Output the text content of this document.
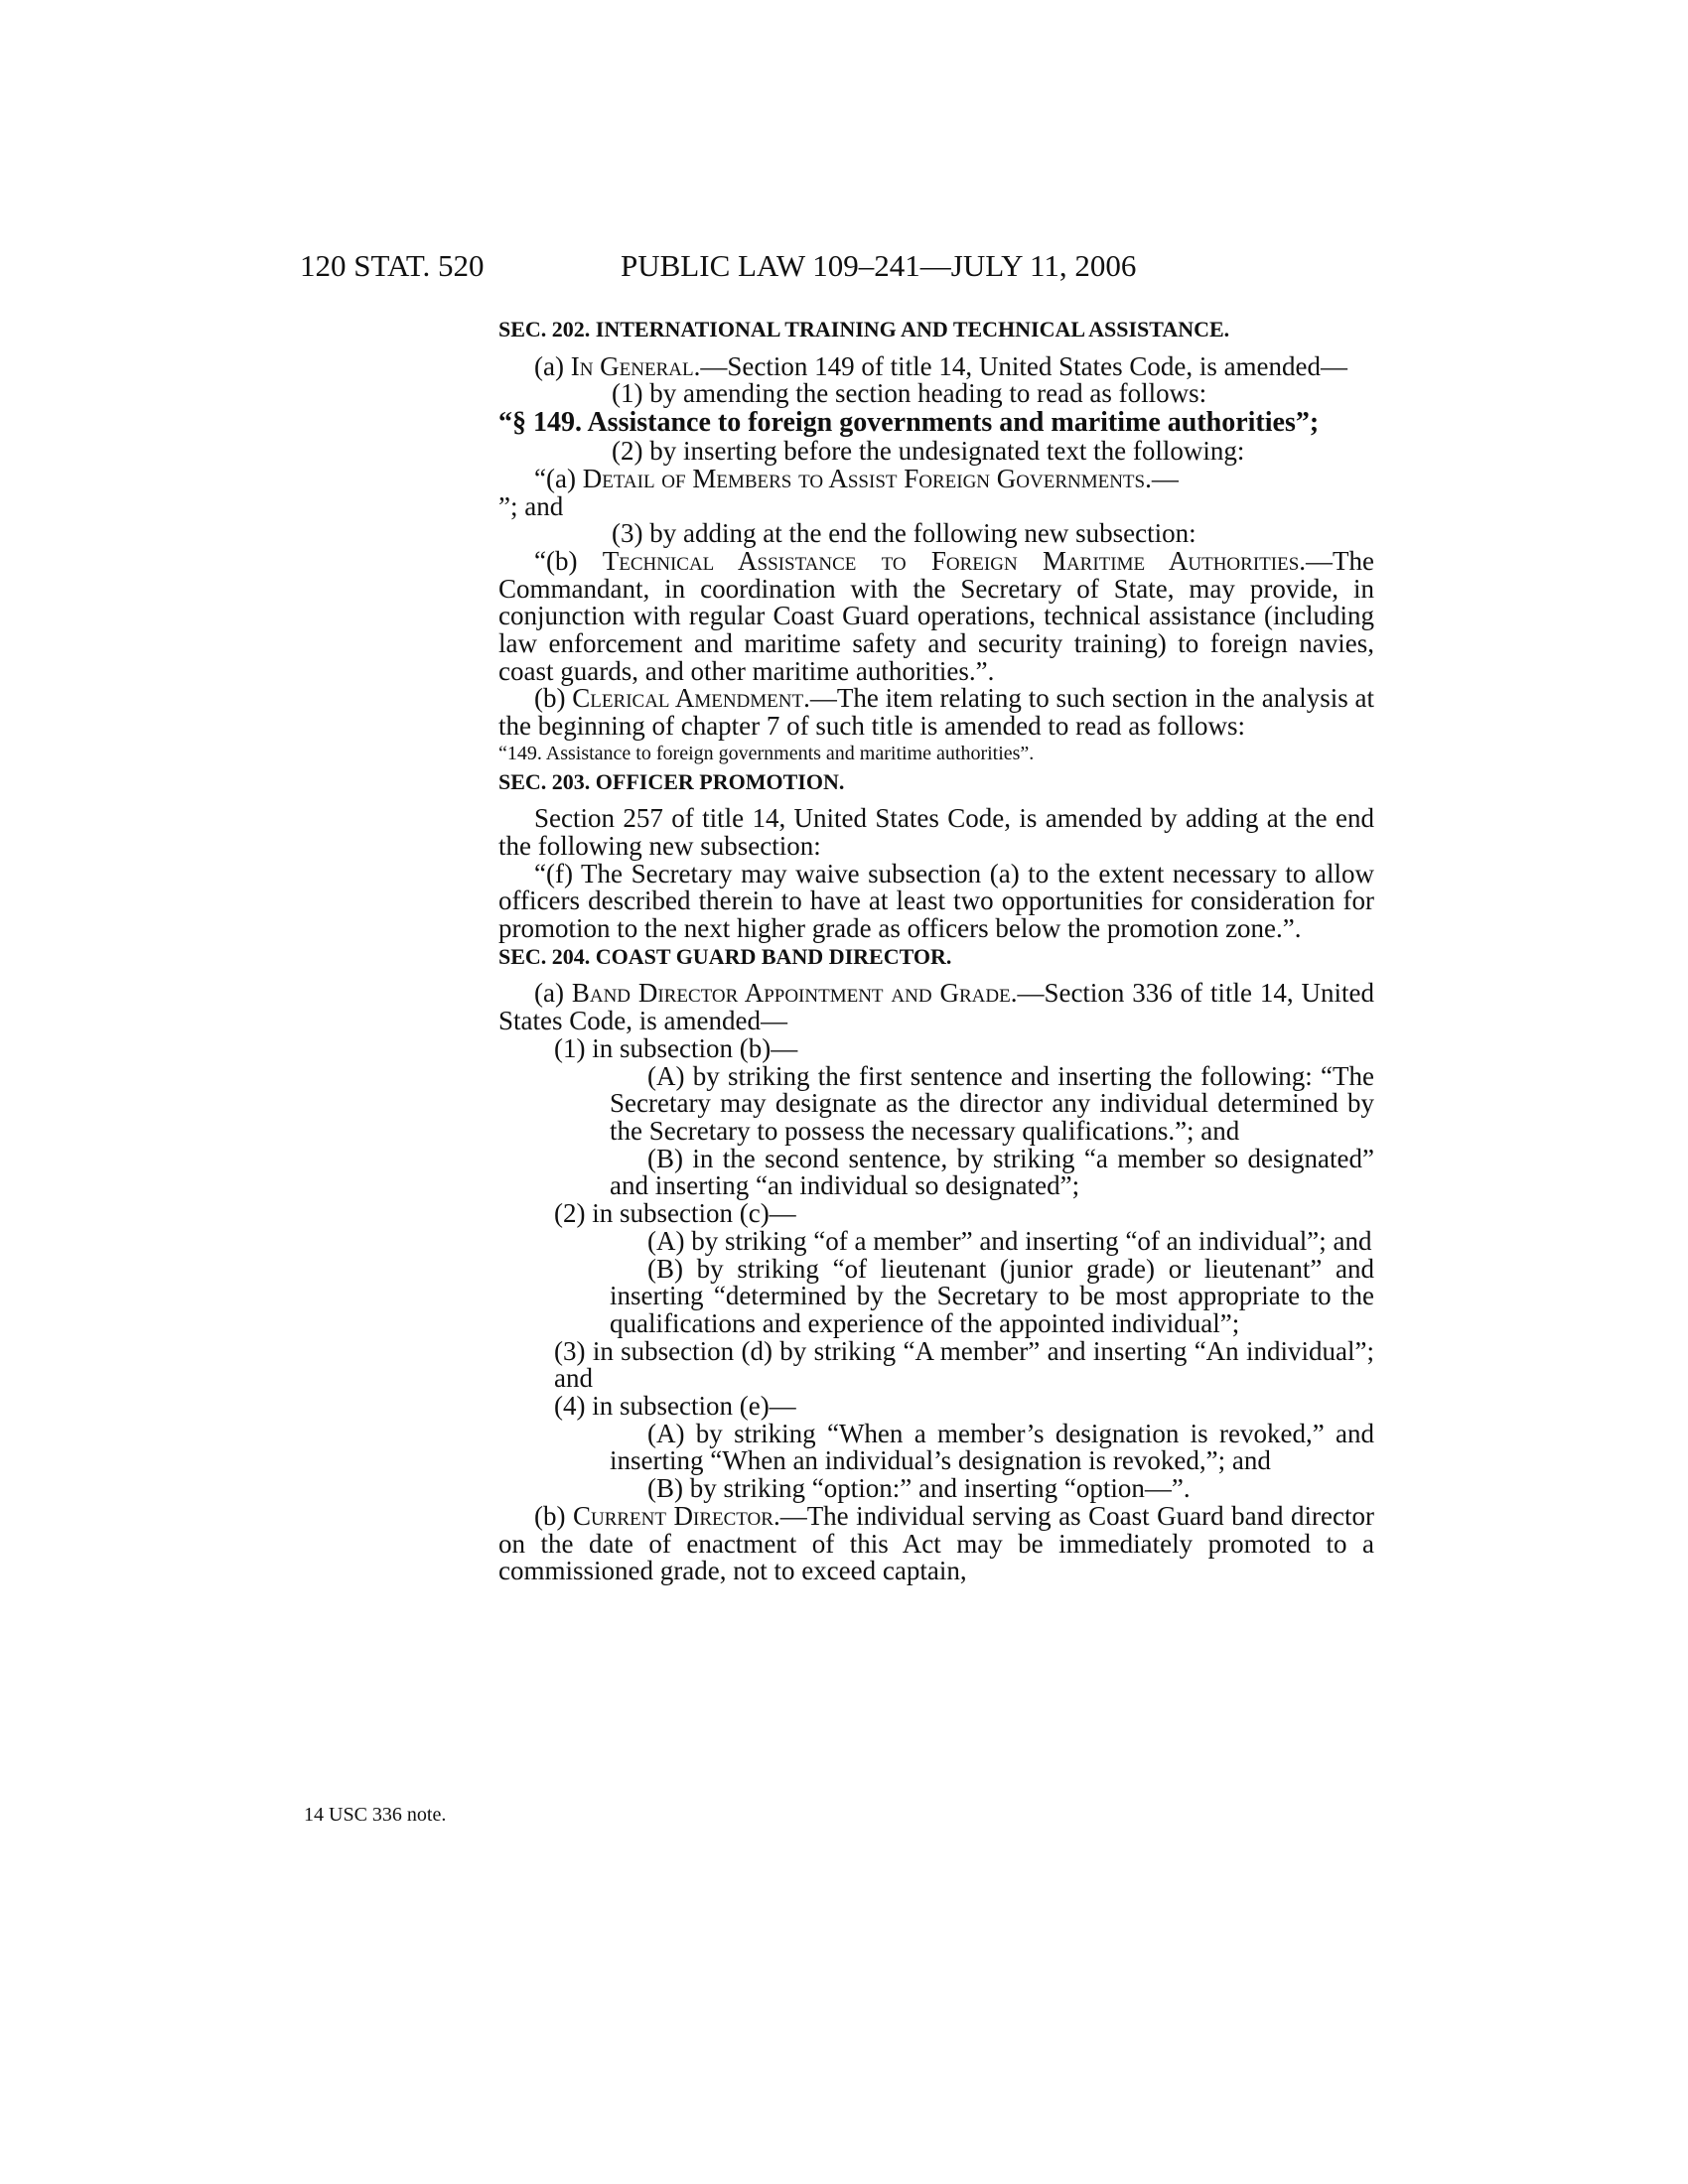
120 STAT. 520	PUBLIC LAW 109–241—JULY 11, 2006
14 USC 336 note.

SEC. 202. INTERNATIONAL TRAINING AND TECHNICAL ASSISTANCE.

(a) In General.—Section 149 of title 14, United States Code, is amended—

(1) by amending the section heading to read as follows:

“§ 149. Assistance to foreign governments and maritime authorities”;

(2) by inserting before the undesignated text the following:

“(a) Detail of Members to Assist Foreign Governments.—

”; and

(3) by adding at the end the following new subsection:

“(b) Technical Assistance to Foreign Maritime Authorities.—The Commandant, in coordination with the Secretary of State, may provide, in conjunction with regular Coast Guard operations, technical assistance (including law enforcement and maritime safety and security training) to foreign navies, coast guards, and other maritime authorities.”.

(b) Clerical Amendment.—The item relating to such section in the analysis at the beginning of chapter 7 of such title is amended to read as follows:

“149. Assistance to foreign governments and maritime authorities”.

SEC. 203. OFFICER PROMOTION.

Section 257 of title 14, United States Code, is amended by adding at the end the following new subsection:

“(f) The Secretary may waive subsection (a) to the extent necessary to allow officers described therein to have at least two opportunities for consideration for promotion to the next higher grade as officers below the promotion zone.”.

SEC. 204. COAST GUARD BAND DIRECTOR.

(a) Band Director Appointment and Grade.—Section 336 of title 14, United States Code, is amended—

(1) in subsection (b)—

(A) by striking the first sentence and inserting the following: “The Secretary may designate as the director any individual determined by the Secretary to possess the necessary qualifications.”; and

(B) in the second sentence, by striking “a member so designated” and inserting “an individual so designated”;

(2) in subsection (c)—

(A) by striking “of a member” and inserting “of an individual”; and

(B) by striking “of lieutenant (junior grade) or lieutenant” and inserting “determined by the Secretary to be most appropriate to the qualifications and experience of the appointed individual”;

(3) in subsection (d) by striking “A member” and inserting “An individual”; and

(4) in subsection (e)—

(A) by striking “When a member’s designation is revoked,” and inserting “When an individual’s designation is revoked,”; and

(B) by striking “option:” and inserting “option—”.

(b) Current Director.—The individual serving as Coast Guard band director on the date of enactment of this Act may be immediately promoted to a commissioned grade, not to exceed captain,
